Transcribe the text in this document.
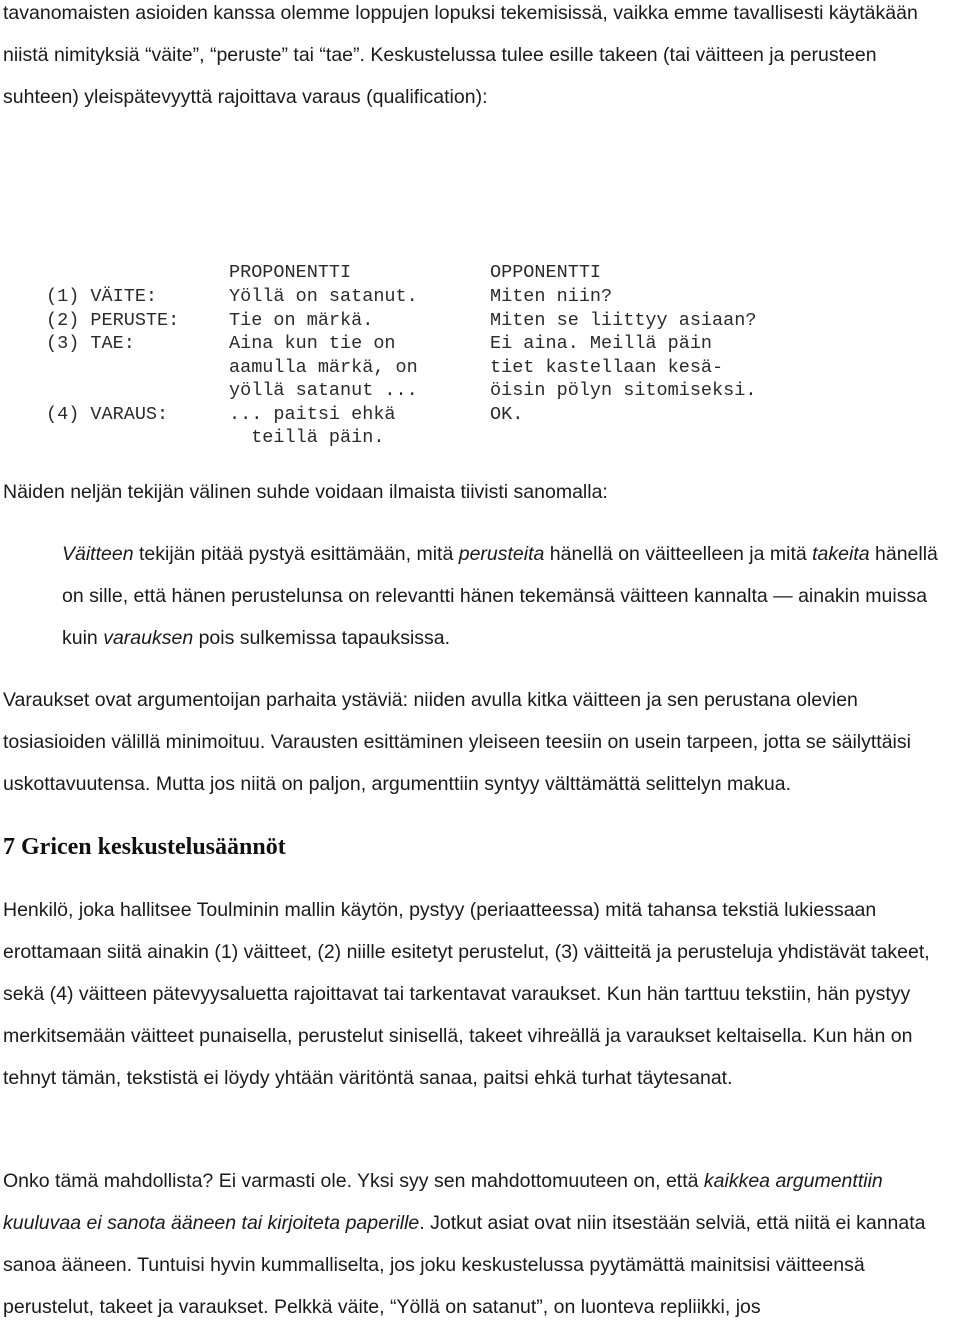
tavanomaisten asioiden kanssa olemme loppujen lopuksi tekemisissä, vaikka emme tavallisesti käytäkään niistä nimityksiä “väite”, “peruste” tai “tae”. Keskustelussa tulee esille takeen (tai väitteen ja perusteen suhteen) yleispätevyyttä rajoittava varaus (qualification):

PROPONENTTI	OPPONENTTI
(1) VÄITE:
(2) PERUSTE:
(3) TAE:
(4) VARAUS:
Yöllä on satanut.
Tie on märkä.
Aina kun tie on
aamulla märkä, on
yöllä satanut ...
... paitsi ehkä
teillä päin.
Miten niin?
Miten se liittyy asiaan?
Ei aina. Meillä päin
tiet kastellaan kesä-
öisin pölyn sitomiseksi.
OK.

Näiden neljän tekijän välinen suhde voidaan ilmaista tiivisti sanomalla:

Väitteen tekijän pitää pystyä esittämään, mitä perusteita hänellä on väitteelleen ja mitä takeita hänellä on sille, että hänen perustelunsa on relevantti hänen tekemänsä väitteen kannalta — ainakin muissa kuin varauksen pois sulkemissa tapauksissa.

Varaukset ovat argumentoijan parhaita ystäviä: niiden avulla kitka väitteen ja sen perustana olevien tosiasioiden välillä minimoituu. Varausten esittäminen yleiseen teesiin on usein tarpeen, jotta se säilyttäisi uskottavuutensa. Mutta jos niitä on paljon, argumenttiin syntyy välttämättä selittelyn makua.

7 Gricen keskustelusäännöt

Henkilö, joka hallitsee Toulminin mallin käytön, pystyy (periaatteessa) mitä tahansa tekstiä lukiessaan erottamaan siitä ainakin (1) väitteet, (2) niille esitetyt perustelut, (3) väitteitä ja perusteluja yhdistävät takeet, sekä (4) väitteen pätevyysaluetta rajoittavat tai tarkentavat varaukset. Kun hän tarttuu tekstiin, hän pystyy merkitsemään väitteet punaisella, perustelut sinisellä, takeet vihreällä ja varaukset keltaisella. Kun hän on tehnyt tämän, tekstistä ei löydy yhtään väritöntä sanaa, paitsi ehkä turhat täytesanat.

Onko tämä mahdollista? Ei varmasti ole. Yksi syy sen mahdottomuuteen on, että kaikkea argumenttiin kuuluvaa ei sanota ääneen tai kirjoiteta paperille. Jotkut asiat ovat niin itsestään selviä, että niitä ei kannata sanoa ääneen. Tuntuisi hyvin kummalliselta, jos joku keskustelussa pyytämättä mainitsisi väitteensä perustelut, takeet ja varaukset. Pelkkä väite, “Yöllä on satanut”, on luonteva repliikki, jos
